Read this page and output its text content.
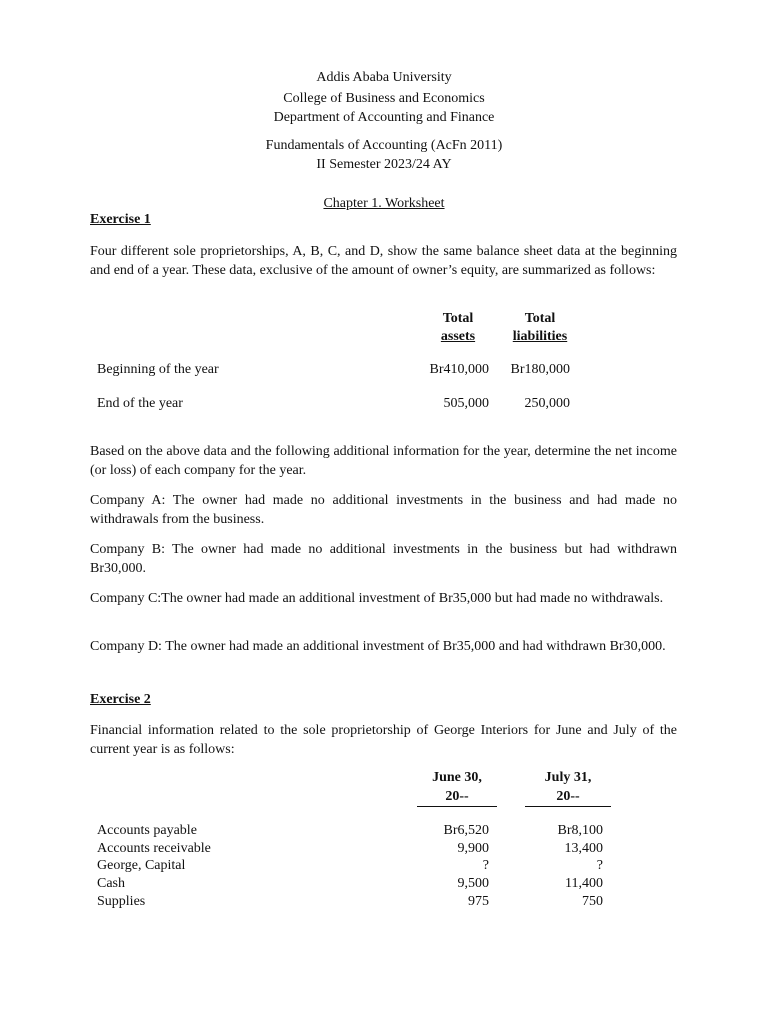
Addis Ababa University
College of Business and Economics
Department of Accounting and Finance
Fundamentals of Accounting (AcFn 2011)
II Semester 2023/24 AY
Chapter 1. Worksheet
Exercise 1
Four different sole proprietorships, A, B, C, and D, show the same balance sheet data at the beginning and end of a year. These data, exclusive of the amount of owner’s equity, are summarized as follows:
Total
assets
Total
liabilities
Beginning of the year	Br410,000	Br180,000
End of the year	505,000	250,000
Based on the above data and the following additional information for the year, determine the net income (or loss) of each company for the year.
Company A: The owner had made no additional investments in the business and had made no withdrawals from the business.
Company B: The owner had made no additional investments in the business but had withdrawn Br30,000.
Company C:The owner had made an additional investment of Br35,000 but had made no withdrawals.
Company D: The owner had made an additional investment of Br35,000 and had withdrawn Br30,000.
Exercise 2
Financial information related to the sole proprietorship of George Interiors for June and July of the current year is as follows:
June 30,
20--
July 31,
20--
Accounts payable	Br6,520	Br8,100
Accounts receivable	9,900	13,400
George, Capital	?	?
Cash	9,500	11,400
Supplies	975	750
